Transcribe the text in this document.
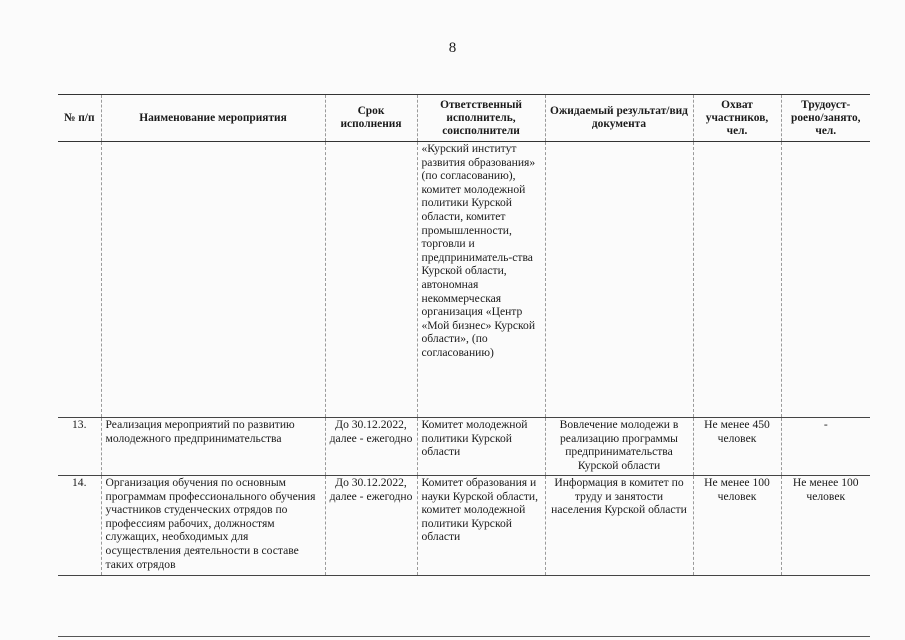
8
№ п/п	Наименование мероприятия	Срок исполнения	Ответственный исполнитель, соисполнители	Ожидаемый результат/вид документа	Охват участников, чел.	Трудоуст-роено/занято, чел.
			«Курский институт развития образования» (по согласованию), комитет молодежной политики Курской области, комитет промышленности, торговли и предприниматель-ства Курской области, автономная некоммерческая организация «Центр «Мой бизнес» Курской области», (по согласованию)			
13.	Реализация мероприятий по развитию молодежного предпринимательства	До 30.12.2022, далее - ежегодно	Комитет молодежной политики Курской области	Вовлечение молодежи в реализацию программы предпринимательства Курской области	Не менее 450 человек	-
14.	Организация обучения по основным программам профессионального обучения участников студенческих отрядов по профессиям рабочих, должностям служащих, необходимых для осуществления деятельности в составе таких отрядов	До 30.12.2022, далее - ежегодно	Комитет образования и науки Курской области, комитет молодежной политики Курской области	Информация в комитет по труду и занятости населения Курской области	Не менее 100 человек	Не менее 100 человек
